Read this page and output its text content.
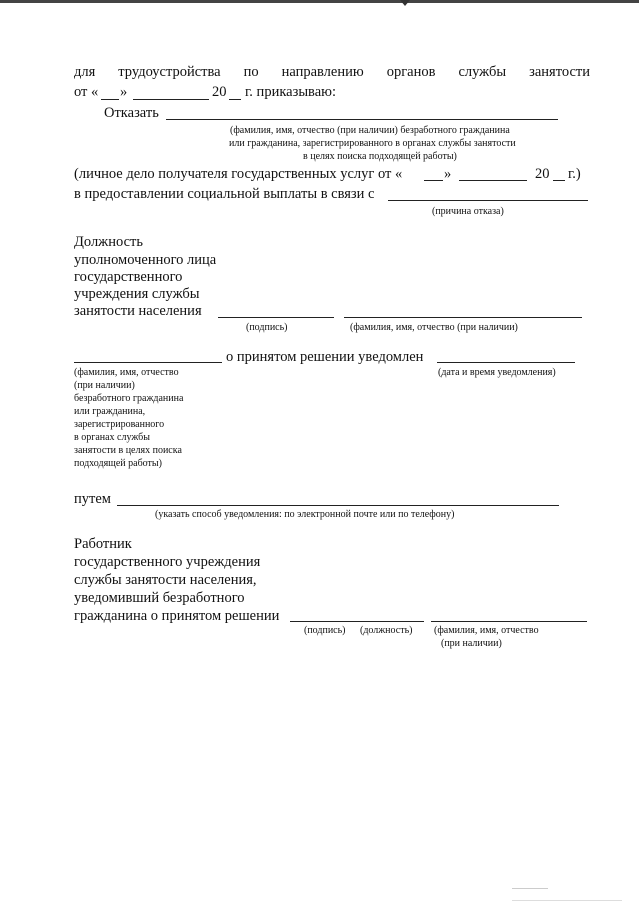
для трудоустройства по направлению органов службы занятости
от « »	20 г. приказываю:
Отказать
(фамилия, имя, отчество (при наличии) безработного гражданина
или гражданина, зарегистрированного в органах службы занятости
в целях поиска подходящей работы)
(личное дело получателя государственных услуг от «	»	20 г.)
в предоставлении социальной выплаты в связи с
(причина отказа)
Должность
уполномоченного лица
государственного
учреждения службы
занятости населения
(подпись)	(фамилия, имя, отчество (при наличии)
о принятом решении уведомлен
(фамилия, имя, отчество
(при наличии)
безработного гражданина
или гражданина,
зарегистрированного
в органах службы
занятости в целях поиска
подходящей работы)
(дата и время уведомления)
путем
(указать способ уведомления: по электронной почте или по телефону)
Работник
государственного учреждения
службы занятости населения,
уведомивший безработного
гражданина о принятом решении
(подпись) (должность) (фамилия, имя, отчество
(при наличии)
